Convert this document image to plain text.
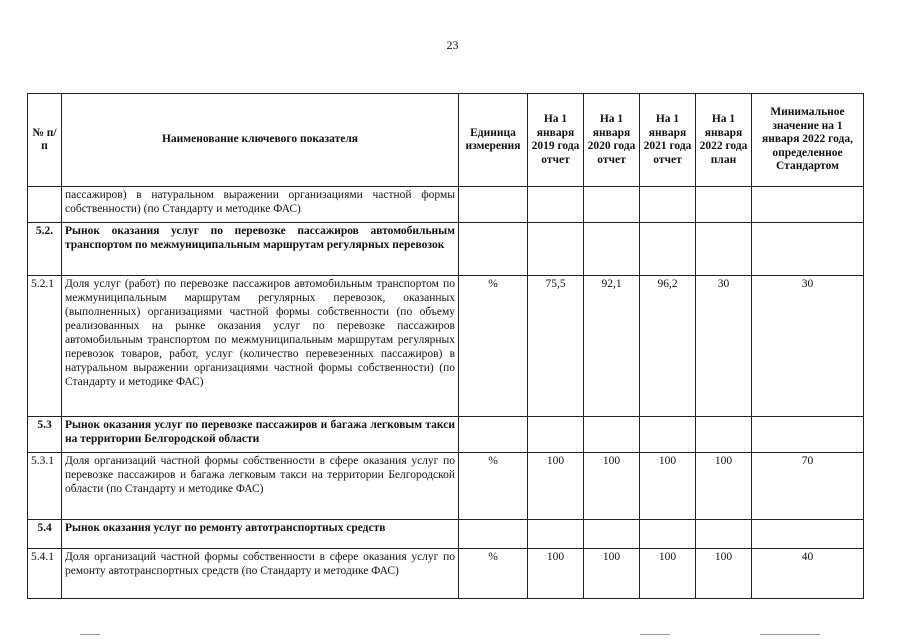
23
№ п/п	Наименование ключевого показателя	Единица измерения	На 1 января 2019 года отчет	На 1 января 2020 года отчет	На 1 января 2021 года отчет	На 1 января 2022 года план	Минимальное значение на 1 января 2022 года, определенное Стандартом
	пассажиров) в натуральном выражении организациями частной формы собственности) (по Стандарту и методике ФАС)						
5.2.	Рынок оказания услуг по перевозке пассажиров автомобильным транспортом по межмуниципальным маршрутам регулярных перевозок						
5.2.1	Доля услуг (работ) по перевозке пассажиров автомобильным транспортом по межмуниципальным маршрутам регулярных перевозок, оказанных (выполненных) организациями частной формы собственности (по объему реализованных на рынке оказания услуг по перевозке пассажиров автомобильным транспортом по межмуниципальным маршрутам регулярных перевозок товаров, работ, услуг (количество перевезенных пассажиров) в натуральном выражении организациями частной формы собственности) (по Стандарту и методике ФАС)	%	75,5	92,1	96,2	30	30
5.3	Рынок оказания услуг по перевозке пассажиров и багажа легковым такси на территории Белгородской области						
5.3.1	Доля организаций частной формы собственности в сфере оказания услуг по перевозке пассажиров и багажа легковым такси на территории Белгородской области (по Стандарту и методике ФАС)	%	100	100	100	100	70
5.4	Рынок оказания услуг по ремонту автотранспортных средств						
5.4.1	Доля организаций частной формы собственности в сфере оказания услуг по ремонту автотранспортных средств (по Стандарту и методике ФАС)	%	100	100	100	100	40
